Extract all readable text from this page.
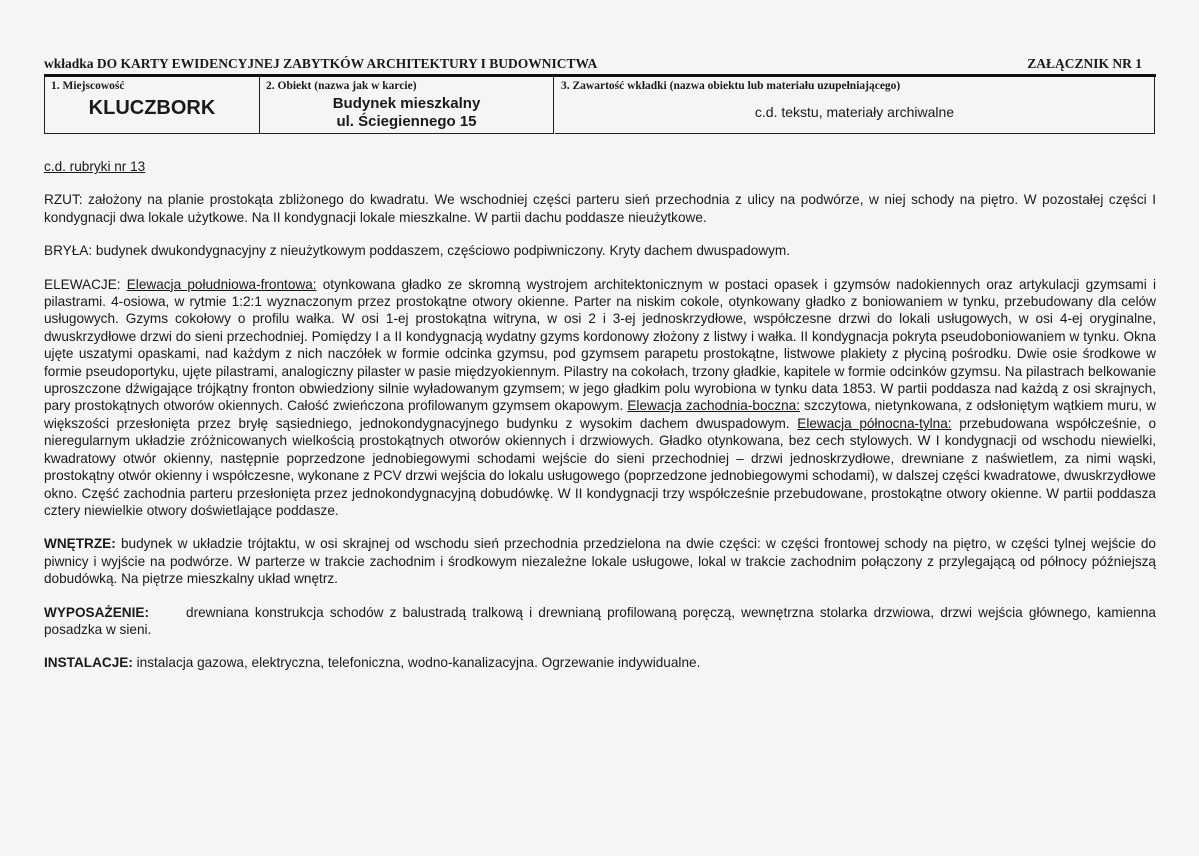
wkładka DO KARTY EWIDENCYJNEJ ZABYTKÓW ARCHITEKTURY I BUDOWNICTWA	ZAŁĄCZNIK NR 1
1. Miejscowość
KLUCZBORK
2. Obiekt (nazwa jak w karcie)
Budynek mieszkalny
ul. Ściegiennego 15
3. Zawartość wkładki (nazwa obiektu lub materiału uzupełniającego)
c.d. tekstu, materiały archiwalne

c.d. rubryki nr 13

RZUT: założony na planie prostokąta zbliżonego do kwadratu. We wschodniej części parteru sień przechodnia z ulicy na podwórze, w niej schody na piętro. W pozostałej części I kondygnacji dwa lokale użytkowe. Na II kondygnacji lokale mieszkalne. W partii dachu poddasze nieużytkowe.

BRYŁA: budynek dwukondygnacyjny z nieużytkowym poddaszem, częściowo podpiwniczony. Kryty dachem dwuspadowym.

ELEWACJE: Elewacja południowa-frontowa: otynkowana gładko ze skromną wystrojem architektonicznym w postaci opasek i gzymsów nadokiennych oraz artykulacji gzymsami i pilastrami. 4-osiowa, w rytmie 1:2:1 wyznaczonym przez prostokątne otwory okienne. Parter na niskim cokole, otynkowany gładko z boniowaniem w tynku, przebudowany dla celów usługowych. Gzyms cokołowy o profilu wałka. W osi 1-ej prostokątna witryna, w osi 2 i 3-ej jednoskrzydłowe, współczesne drzwi do lokali usługowych, w osi 4-ej oryginalne, dwuskrzydłowe drzwi do sieni przechodniej. Pomiędzy I a II kondygnacją wydatny gzyms kordonowy złożony z listwy i wałka. II kondygnacja pokryta pseudoboniowaniem w tynku. Okna ujęte uszatymi opaskami, nad każdym z nich naczółek w formie odcinka gzymsu, pod gzymsem parapetu prostokątne, listwowe plakiety z płyciną pośrodku. Dwie osie środkowe w formie pseudoportyku, ujęte pilastrami, analogiczny pilaster w pasie międzyokiennym. Pilastry na cokołach, trzony gładkie, kapitele w formie odcinków gzymsu. Na pilastrach belkowanie uproszczone dźwigające trójkątny fronton obwiedziony silnie wyładowanym gzymsem; w jego gładkim polu wyrobiona w tynku data 1853. W partii poddasza nad każdą z osi skrajnych, pary prostokątnych otworów okiennych. Całość zwieńczona profilowanym gzymsem okapowym. Elewacja zachodnia-boczna: szczytowa, nietynkowana, z odsłoniętym wątkiem muru, w większości przesłonięta przez bryłę sąsiedniego, jednokondygnacyjnego budynku z wysokim dachem dwuspadowym. Elewacja północna-tylna: przebudowana współcześnie, o nieregularnym układzie zróżnicowanych wielkością prostokątnych otworów okiennych i drzwiowych. Gładko otynkowana, bez cech stylowych. W I kondygnacji od wschodu niewielki, kwadratowy otwór okienny, następnie poprzedzone jednobiegowymi schodami wejście do sieni przechodniej – drzwi jednoskrzydłowe, drewniane z naświetlem, za nimi wąski, prostokątny otwór okienny i współczesne, wykonane z PCV drzwi wejścia do lokalu usługowego (poprzedzone jednobiegowymi schodami), w dalszej części kwadratowe, dwuskrzydłowe okno. Część zachodnia parteru przesłonięta przez jednokondygnacyjną dobudówkę. W II kondygnacji trzy współcześnie przebudowane, prostokątne otwory okienne. W partii poddasza cztery niewielkie otwory doświetlające poddasze.

WNĘTRZE: budynek w układzie trójtaktu, w osi skrajnej od wschodu sień przechodnia przedzielona na dwie części: w części frontowej schody na piętro, w części tylnej wejście do piwnicy i wyjście na podwórze. W parterze w trakcie zachodnim i środkowym niezależne lokale usługowe, lokal w trakcie zachodnim połączony z przylegającą od północy późniejszą dobudówką. Na piętrze mieszkalny układ wnętrz.

WYPOSAŻENIE:      drewniana konstrukcja schodów z balustradą tralkową i drewnianą profilowaną poręczą, wewnętrzna stolarka drzwiowa, drzwi wejścia głównego, kamienna posadzka w sieni.

INSTALACJE: instalacja gazowa, elektryczna, telefoniczna, wodno-kanalizacyjna. Ogrzewanie indywidualne.
